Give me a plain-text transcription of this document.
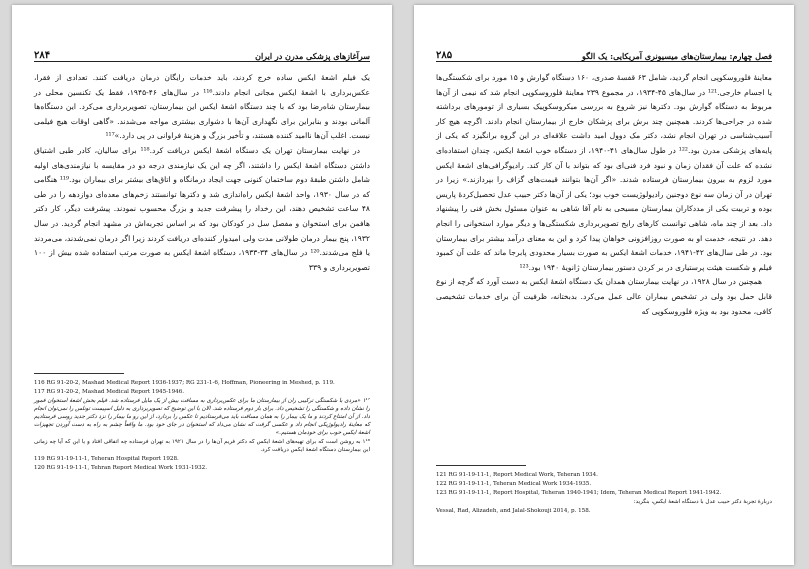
۲۸۴	سرآغازهای پزشکی مدرن در ایران

یک فیلم اشعهٔ ایکس ساده خرج کردند، باید خدمات رایگان درمان دریافت کنند. تعدادی از فقرا، عکس‌برداری با اشعهٔ ایکس مجانی انجام دادند.¹¹⁶ در سال‌های ۴۶-۱۹۴۵، فقط یک تکنسین محلی در بیمارستان شاه‌رضا بود که با چند دستگاه اشعهٔ ایکس این بیمارستان، تصویربرداری می‌کرد. این دستگاه‌ها آلمانی بودند و بنابراین برای نگهداری آن‌ها با دشواری بیشتری مواجه می‌شدند. «گاهی اوقات هیچ فیلمی نیست. اغلب آن‌ها ناامید کننده هستند، و تأخیر بزرگ و هزینهٔ فراوانی در پی دارد.»¹¹⁷

در نهایت بیمارستان تهران یک دستگاه اشعهٔ ایکس دریافت کرد.¹¹⁸ برای سالیان، کادر طبی اشتیاق داشتن دستگاه اشعهٔ ایکس را داشتند، اگر چه این یک نیازمندی درجه دو در مقایسه با نیازمندی‌های اولیه شامل داشتن طبقهٔ دوم ساختمان کنونی جهت ایجاد درمانگاه و اتاق‌های بیشتر برای بیماران بود.¹¹⁹ هنگامی که در سال ۱۹۳۰، واحد اشعهٔ ایکس راه‌اندازی شد و دکترها توانستند زخم‌های معده‌ای دوازدهه را در طی ۴۸ ساعت تشخیص دهند، این رخداد را پیشرفت جدید و بزرگ محسوب نمودند. پیشرفت دیگر، کار دکتر هافمن برای استخوان و مفصل سل در کودکان بود که بر اساس تجربه‌اش در مشهد انجام گردید. در سال ۱۹۳۲، پنج بیمار درمان طولانی مدت ولی امیدوار کننده‌ای دریافت کردند زیرا اگر درمان نمی‌شدند، می‌مردند یا فلج می‌شدند.¹²⁰ در سال‌های ۳۴-۱۹۳۳، دستگاه اشعهٔ ایکس به صورت مرتب استفاده شده بیش از ۱۰۰ تصویربرداری و ۳۳۹

116 RG 91-20-2, Mashad Medical Report 1936-1937; RG 231-1-6, Hoffman, Pioneering in Meshed, p. 119.

117 RG 91-20-2, Mashad Medical Report 1945-1946.

۱¹⁷ «مردی با شکستگی ترکیبی ران از بیمارستان ما برای عکس‌برداری به مسافت بیش از یک مایل فرستاده شد. فیلم بخش اشعهٔ استخوان فمور را نشان داده و شکستگی را تشخیص داد. برای بار دوم فرستاده شد. الان با این توضیح که تصویربرداری به دلیل اسپیست تونلس را نمی‌توان انجام داد. از آن امتناع کردند و ما یک بیمار را به همان مسافت باید می‌فرستادیم تا عکس را بردارد، از این رو ما بیمار را نزد دکتر جدید روسی فرستادیم که معاینهٔ رادیولوژیکی انجام داد و عکسی گرفت که نشان می‌داد که استخوان در جای خود بود. ما واقعاً چشم به راه به دست آوردن تجهیزات اشعهٔ ایکس خوب برای خودمان هستیم.»

۱¹⁸ به روشن است که برای تهیه‌های اشعهٔ ایکس که دکتر فریم آن‌ها را در سال ۱۹۲۱ به تهران فرستاده چه اتفاقی افتاد و یا این که آیا چه زمانی این بیمارستان دستگاه اشعهٔ ایکس دریافت کرد.

119 RG 91-19-11-1, Teheran Hospital Report 1928.

120 RG 91-19-11-1, Tehran Report Medical Work 1931-1932.

۲۸۵	فصل چهارم: بیمارستان‌های میسیونری آمریکایی: یک الگو

معاینهٔ فلوروسکوپی انجام گردید، شامل ۶۳ قفسهٔ صدری، ۱۶۰ دستگاه گوارش و ۱۵ مورد برای شکستگی‌ها یا اجسام خارجی.¹²¹ در سال‌های ۴۵-۱۹۳۴، در مجموع ۲۳۹ معاینهٔ فلوروسکوپی انجام شد که نیمی از آن‌ها مربوط به دستگاه گوارش بود. دکترها نیز شروع به بررسی میکروسکوپیک بسیاری از تومورهای برداشته شده در جراحی‌ها کردند. همچنین چند برش برای پزشکان خارج از بیمارستان انجام دادند. اگرچه هیچ کار آسیب‌شناسی در تهران انجام نشد، دکتر مک دوول امید داشت علاقه‌ای در این گروه برانگیزد که یکی از پایه‌های پزشکی مدرن بود.¹²² در طول سال‌های ۴۱-۱۹۴۰، از دستگاه خوب اشعهٔ ایکس، چندان استفاده‌ای نشده که علت آن فقدان زمان و نبود فرد فنی‌ای بود که بتواند با آن کار کند. رادیوگرافی‌های اشعهٔ ایکس مورد لزوم به بیرون بیمارستان فرستاده شدند. «اگر آن‌ها بتوانند قیمت‌های گزاف را بپردازند.» زیرا در تهران در آن زمان سه نوع دوجنین رادیولوژیست خوب بود؛ یکی از آن‌ها دکتر حبیب عدل تحصیل‌کردهٔ پاریس بوده و تربیت یکی از مددکاران بیمارستان مسیحی به نام آقا شاهی به عنوان مسئول بخش فنی را پیشنهاد داد. بعد از چند ماه، شاهی توانست کارهای رایج تصویربرداری شکستگی‌ها و دیگر موارد استخوانی را انجام دهد. در نتیجه، خدمت او به صورت روزافزونی خواهان پیدا کرد و این به معنای درآمد بیشتر برای بیمارستان بود. در طی سال‌های ۴۲-۱۹۴۱، خدمات اشعهٔ ایکس به صورت بسیار محدودی پابرجا ماند که علت آن کمبود فیلم و شکست هیئت پرستیاری در بر کردن دستور بیمارستان ژانویهٔ ۱۹۴۰ بود.¹²³

همچنین در سال ۱۹۲۸، در نهایت بیمارستان همدان یک دستگاه اشعهٔ ایکس به دست آورد که گرچه از نوع قابل حمل بود ولی در تشخیص بیماران عالی عمل می‌کرد. بدبختانه، ظرفیت آن برای خدمات تشخیصی کافی، محدود بود به ویژه فلوروسکوپی که

121 RG 91-19-11-1, Report Medical Work, Teheran 1934.

122 RG 91-19-11-1, Teheran Medical Work 1934-1935.

123 RG 91-19-11-1, Report Hospital, Teheran 1940-1941; Idem, Teheran Medical Report 1941-1942.

دربارهٔ تجربهٔ دکتر حبیب عدل با دستگاه اشعهٔ ایکس، بنگرید:

Vessal, Rad, Alizadeh, and Jalal-Shokouji 2014, p. 158.
